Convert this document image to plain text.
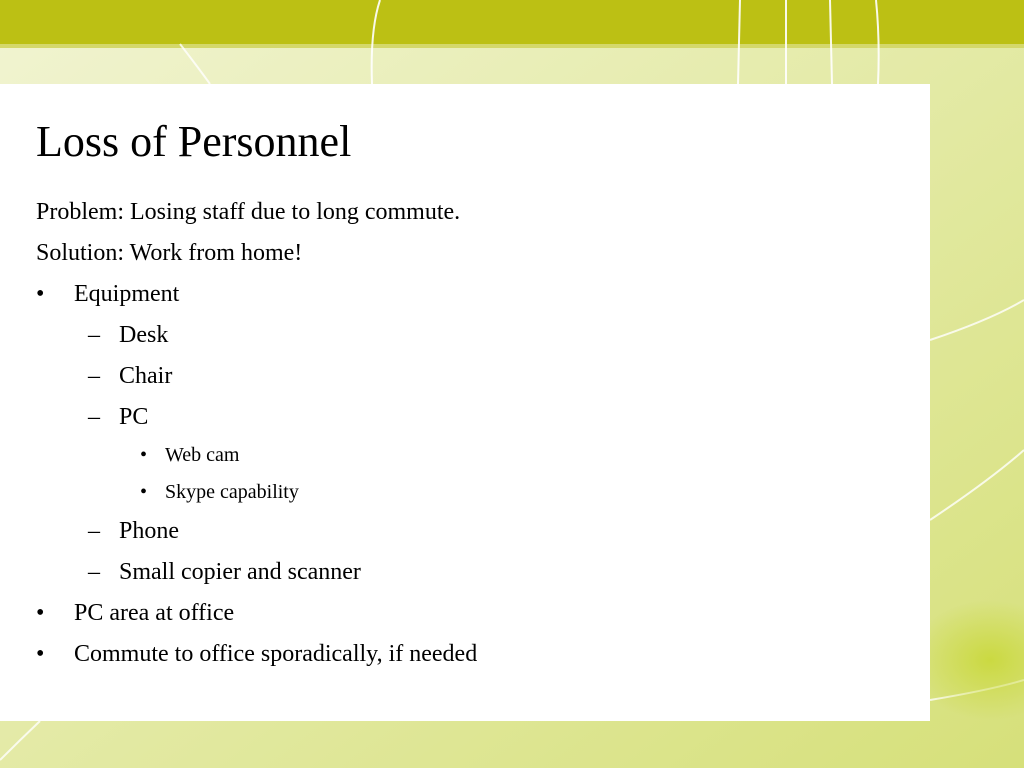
Loss of Personnel
Problem: Losing staff due to long commute.
Solution: Work from home!
• Equipment
– Desk
– Chair
– PC
• Web cam
• Skype capability
– Phone
– Small copier and scanner
• PC area at office
• Commute to office sporadically, if needed
